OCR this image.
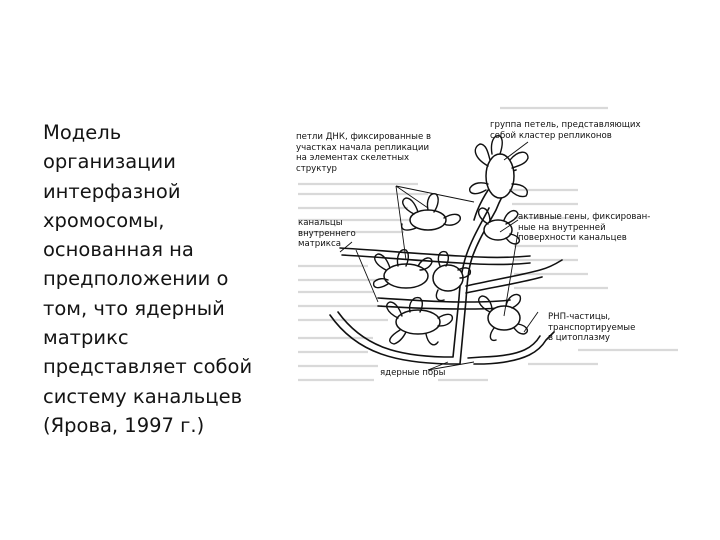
Модель
организации
интерфазной
хромосомы,
основанная на
предположении о
том, что ядерный
матрикс
представляет собой
систему канальцев
(Ярова, 1997 г.)
петли ДНК, фиксированные в
участках начала репликации
на элементах скелетных
структур
группа петель, представляющих
собой кластер репликонов
канальцы
внутреннего
матрикса
активные гены, фиксирован-
ные на внутренней
поверхности канальцев
РНП-частицы,
транспортируемые
в цитоплазму
ядерные поры
